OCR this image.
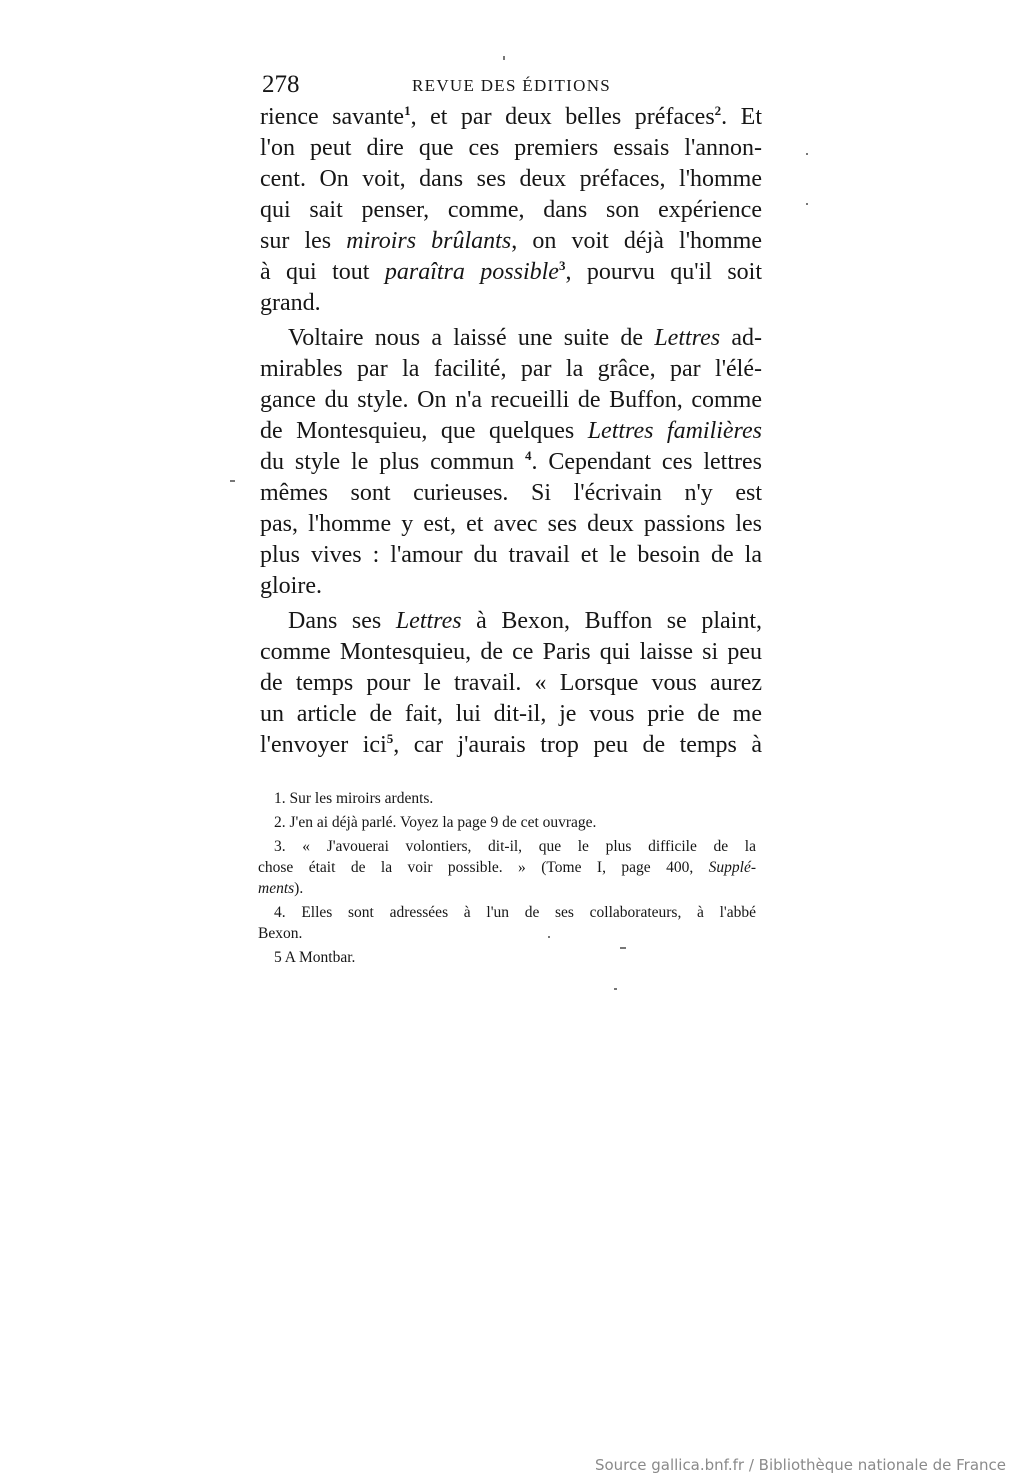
278	REVUE DES ÉDITIONS
rience savante$^1$, et par deux belles préfaces$^2$. Et
l'on peut dire que ces premiers essais l'annon-
cent. On voit, dans ses deux préfaces, l'homme
qui sait penser, comme, dans son expérience
sur les miroirs brûlants, on voit déjà l'homme
à qui tout paraîtra possible$^3$, pourvu qu'il soit
grand.
Voltaire nous a laissé une suite de Lettres ad-
mirables par la facilité, par la grâce, par l'élé-
gance du style. On n'a recueilli de Buffon, comme
de Montesquieu, que quelques Lettres familières
du style le plus commun $^4$. Cependant ces lettres
mêmes sont curieuses. Si l'écrivain n'y est
pas, l'homme y est, et avec ses deux passions les
plus vives : l'amour du travail et le besoin de la
gloire.
Dans ses Lettres à Bexon, Buffon se plaint,
comme Montesquieu, de ce Paris qui laisse si peu
de temps pour le travail. « Lorsque vous aurez
un article de fait, lui dit-il, je vous prie de me
l'envoyer ici$^5$, car j'aurais trop peu de temps à
1. Sur les miroirs ardents.
2. J'en ai déjà parlé. Voyez la page 9 de cet ouvrage.
3. « J'avouerai volontiers, dit-il, que le plus difficile de la
chose était de la voir possible. » (Tome I, page 400, Supplé-
ments).
4. Elles sont adressées à l'un de ses collaborateurs, à l'abbé
Bexon.
5 A Montbar.
Source gallica.bnf.fr / Bibliothèque nationale de France
